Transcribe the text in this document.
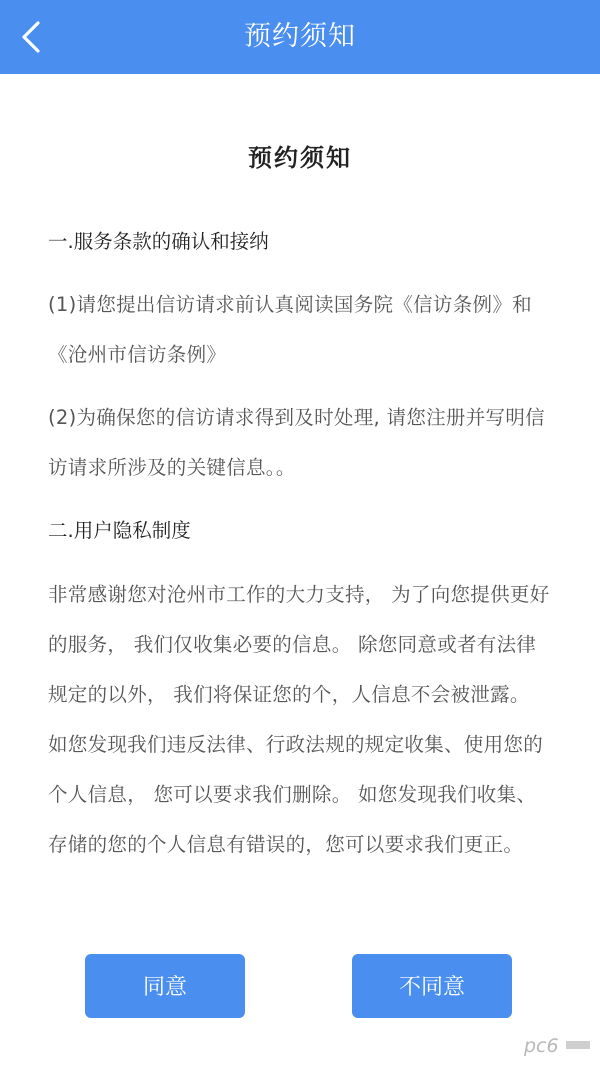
预约须知
预约须知
一.服务条款的确认和接纳
(1)请您提出信访请求前认真阅读国务院《信访条例》和《沧州市信访条例》
(2)为确保您的信访请求得到及时处理, 请您注册并写明信访请求所涉及的关键信息。。
二.用户隐私制度
非常感谢您对沧州市工作的大力支持， 为了向您提供更好的服务， 我们仅收集必要的信息。 除您同意或者有法律规定的以外， 我们将保证您的个，人信息不会被泄露。 如您发现我们违反法律、行政法规的规定收集、使用您的个人信息， 您可以要求我们删除。 如您发现我们收集、存储的您的个人信息有错误的，您可以要求我们更正。
同意	不同意
pc6
